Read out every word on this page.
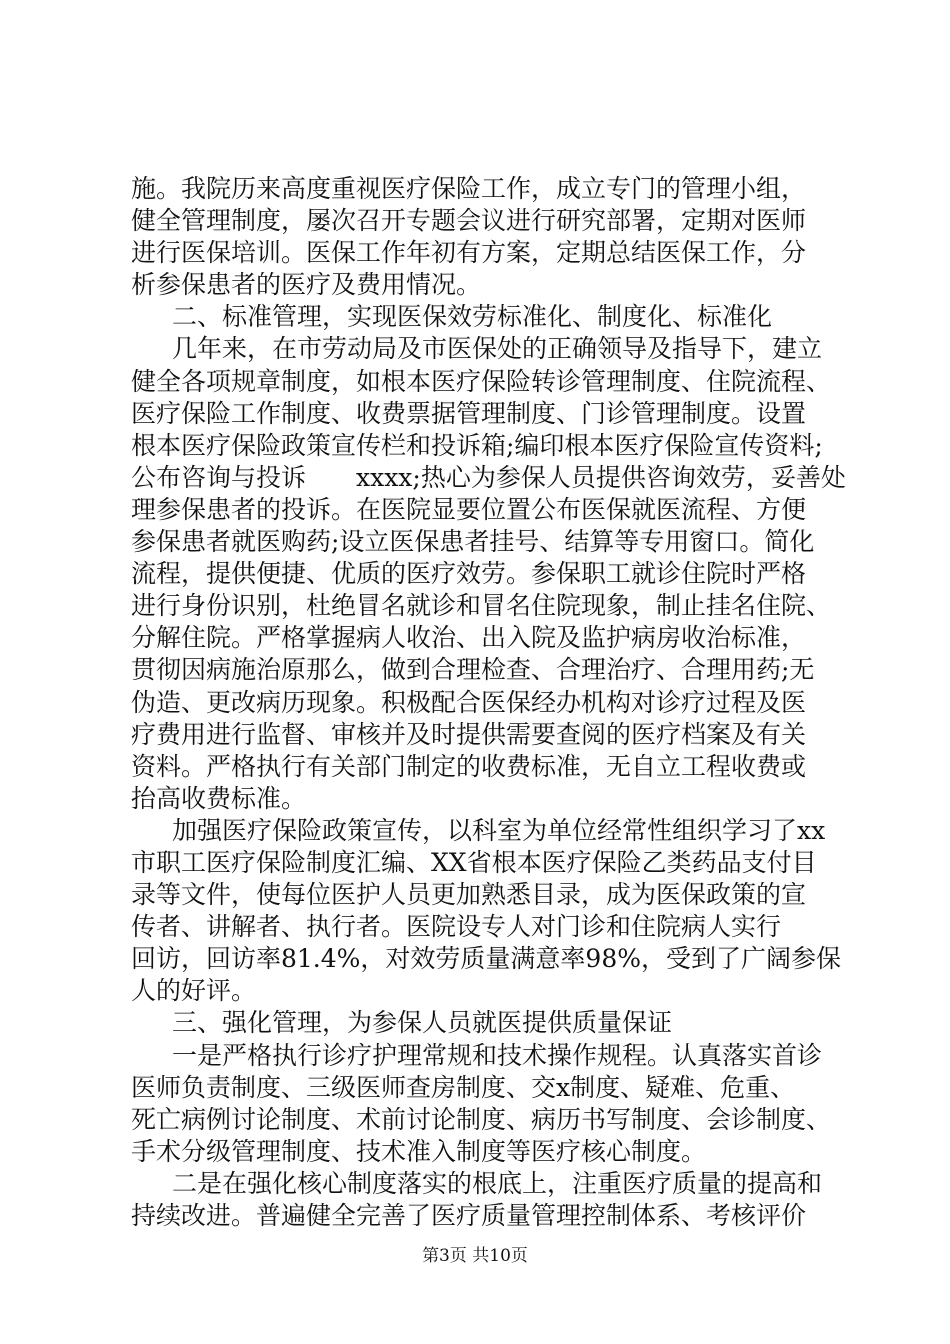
施。我院历来高度重视医疗保险工作，成立专门的管理小组，
健全管理制度，屡次召开专题会议进行研究部署，定期对医师
进行医保培训。医保工作年初有方案，定期总结医保工作，分
析参保患者的医疗及费用情况。
二、标准管理，实现医保效劳标准化、制度化、标准化
几年来，在市劳动局及市医保处的正确领导及指导下，建立
健全各项规章制度，如根本医疗保险转诊管理制度、住院流程、
医疗保险工作制度、收费票据管理制度、门诊管理制度。设置
根本医疗保险政策宣传栏和投诉箱;编印根本医疗保险宣传资料;
公布咨询与投诉　　xxxx;热心为参保人员提供咨询效劳，妥善处
理参保患者的投诉。在医院显要位置公布医保就医流程、方便
参保患者就医购药;设立医保患者挂号、结算等专用窗口。简化
流程，提供便捷、优质的医疗效劳。参保职工就诊住院时严格
进行身份识别，杜绝冒名就诊和冒名住院现象，制止挂名住院、
分解住院。严格掌握病人收治、出入院及监护病房收治标准，
贯彻因病施治原那么，做到合理检查、合理治疗、合理用药;无
伪造、更改病历现象。积极配合医保经办机构对诊疗过程及医
疗费用进行监督、审核并及时提供需要查阅的医疗档案及有关
资料。严格执行有关部门制定的收费标准，无自立工程收费或
抬高收费标准。
加强医疗保险政策宣传，以科室为单位经常性组织学习了xx
市职工医疗保险制度汇编、XX省根本医疗保险乙类药品支付目
录等文件，使每位医护人员更加熟悉目录，成为医保政策的宣
传者、讲解者、执行者。医院设专人对门诊和住院病人实行
回访，回访率81.4%，对效劳质量满意率98%，受到了广阔参保
人的好评。
三、强化管理，为参保人员就医提供质量保证
一是严格执行诊疗护理常规和技术操作规程。认真落实首诊
医师负责制度、三级医师查房制度、交x制度、疑难、危重、
死亡病例讨论制度、术前讨论制度、病历书写制度、会诊制度、
手术分级管理制度、技术准入制度等医疗核心制度。
二是在强化核心制度落实的根底上，注重医疗质量的提高和
持续改进。普遍健全完善了医疗质量管理控制体系、考核评价
第3页 共10页
